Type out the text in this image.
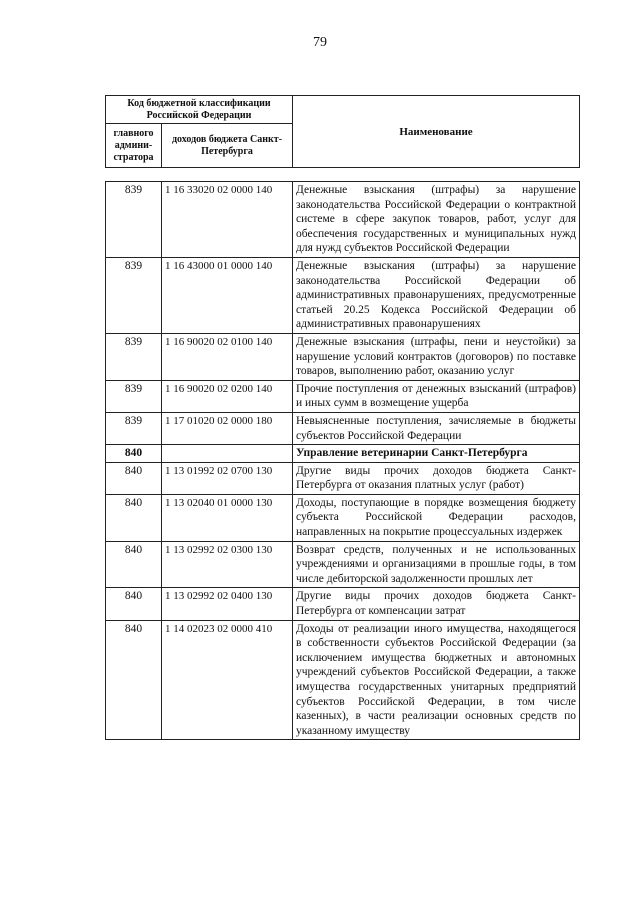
79
Код бюджетной классификации Российской Федерации		Наименование
главного админи-стратора	доходов бюджета Санкт-Петербурга	
839	1 16 33020 02 0000 140	Денежные взыскания (штрафы) за нарушение законодательства Российской Федерации о контрактной системе в сфере закупок товаров, работ, услуг для обеспечения государственных и муниципальных нужд для нужд субъектов Российской Федерации
839	1 16 43000 01 0000 140	Денежные взыскания (штрафы) за нарушение законодательства Российской Федерации об административных правонарушениях, предусмотренные статьей 20.25 Кодекса Российской Федерации об административных правонарушениях
839	1 16 90020 02 0100 140	Денежные взыскания (штрафы, пени и неустойки) за нарушение условий контрактов (договоров) по поставке товаров, выполнению работ, оказанию услуг
839	1 16 90020 02 0200 140	Прочие поступления от денежных взысканий (штрафов) и иных сумм в возмещение ущерба
839	1 17 01020 02 0000 180	Невыясненные поступления, зачисляемые в бюджеты субъектов Российской Федерации
840		Управление ветеринарии Санкт-Петербурга
840	1 13 01992 02 0700 130	Другие виды прочих доходов бюджета Санкт-Петербурга от оказания платных услуг (работ)
840	1 13 02040 01 0000 130	Доходы, поступающие в порядке возмещения бюджету субъекта Российской Федерации расходов, направленных на покрытие процессуальных издержек
840	1 13 02992 02 0300 130	Возврат средств, полученных и не использованных учреждениями и организациями в прошлые годы, в том числе дебиторской задолженности прошлых лет
840	1 13 02992 02 0400 130	Другие виды прочих доходов бюджета Санкт-Петербурга от компенсации затрат
840	1 14 02023 02 0000 410	Доходы от реализации иного имущества, находящегося в собственности субъектов Российской Федерации (за исключением имущества бюджетных и автономных учреждений субъектов Российской Федерации, а также имущества государственных унитарных предприятий субъектов Российской Федерации, в том числе казенных), в части реализации основных средств по указанному имуществу
